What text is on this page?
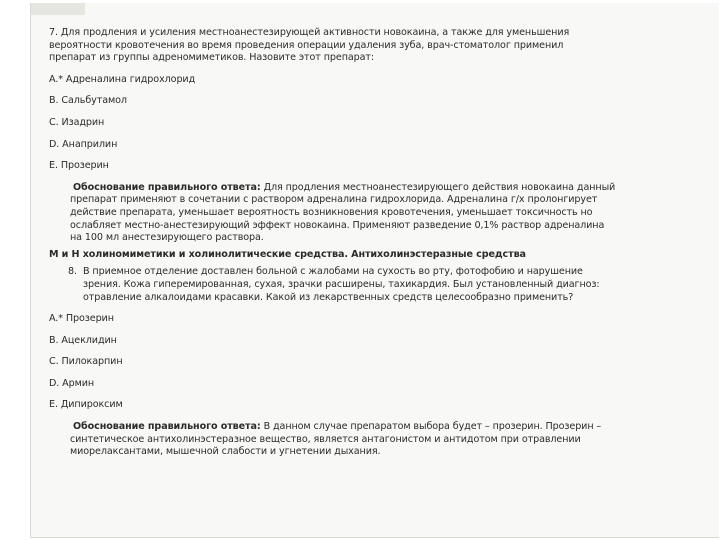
7. Для продления и усиления местноанестезирующей активности новокаина, а также для уменьшения
вероятности кровотечения во время проведения операции удаления зуба, врач-стоматолог применил
препарат из группы адреномиметиков. Назовите этот препарат:
A.* Адреналина гидрохлорид
B. Сальбутамол
C. Изадрин
D. Анаприлин
E. Прозерин
Обоснование правильного ответа: Для продления местноанестезирующего действия новокаина данный
препарат применяют в сочетании с раствором адреналина гидрохлорида. Адреналина г/х пролонгирует
действие препарата, уменьшает вероятность возникновения кровотечения, уменьшает токсичность но
ослабляет местно-анестезирующий эффект новокаина. Применяют разведение 0,1% раствор адреналина
на 100 мл анестезирующего раствора.
М и Н холиномиметики и холинолитические средства. Антихолинэстеразные средства
8. В приемное отделение доставлен больной с жалобами на сухость во рту, фотофобию и нарушение
зрения. Кожа гиперемированная, сухая, зрачки расширены, тахикардия. Был установленный диагноз:
отравление алкалоидами красавки. Какой из лекарственных средств целесообразно применить?
A.* Прозерин
B. Ацеклидин
C. Пилокарпин
D. Армин
E. Дипироксим
Обоснование правильного ответа: В данном случае препаратом выбора будет – прозерин. Прозерин –
синтетическое антихолинэстеразное вещество, является антагонистом и антидотом при отравлении
миорелаксантами, мышечной слабости и угнетении дыхания.
